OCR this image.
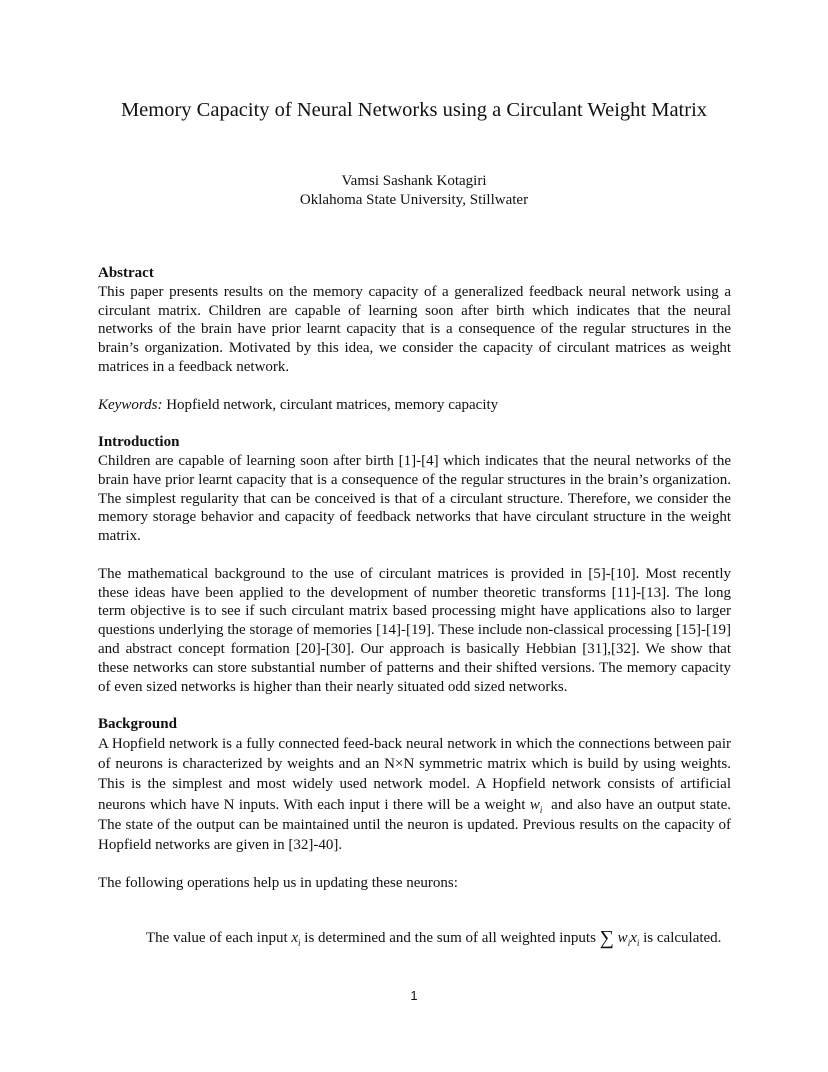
Memory Capacity of Neural Networks using a Circulant Weight Matrix
Vamsi Sashank Kotagiri
Oklahoma State University, Stillwater

Abstract

This paper presents results on the memory capacity of a generalized feedback neural network using a circulant matrix. Children are capable of learning soon after birth which indicates that the neural networks of the brain have prior learnt capacity that is a consequence of the regular structures in the brain’s organization. Motivated by this idea, we consider the capacity of circulant matrices as weight matrices in a feedback network.

Keywords: Hopfield network, circulant matrices, memory capacity

Introduction

Children are capable of learning soon after birth [1]-[4] which indicates that the neural networks of the brain have prior learnt capacity that is a consequence of the regular structures in the brain’s organization. The simplest regularity that can be conceived is that of a circulant structure. Therefore, we consider the memory storage behavior and capacity of feedback networks that have circulant structure in the weight matrix.

The mathematical background to the use of circulant matrices is provided in [5]-[10]. Most recently these ideas have been applied to the development of number theoretic transforms [11]-[13]. The long term objective is to see if such circulant matrix based processing might have applications also to larger questions underlying the storage of memories [14]-[19]. These include non-classical processing [15]-[19] and abstract concept formation [20]-[30]. Our approach is basically Hebbian [31],[32]. We show that these networks can store substantial number of patterns and their shifted versions. The memory capacity of even sized networks is higher than their nearly situated odd sized networks.

Background

A Hopfield network is a fully connected feed-back neural network in which the connections between pair of neurons is characterized by weights and an N×N symmetric matrix which is build by using weights. This is the simplest and most widely used network model. A Hopfield network consists of artificial neurons which have N inputs. With each input i there will be a weight $w_i$ and also have an output state. The state of the output can be maintained until the neuron is updated. Previous results on the capacity of Hopfield networks are given in [32]-40].

The following operations help us in updating these neurons:

The value of each input $x_i$ is determined and the sum of all weighted inputs ∑ $w_ix_i$ is calculated.
1
